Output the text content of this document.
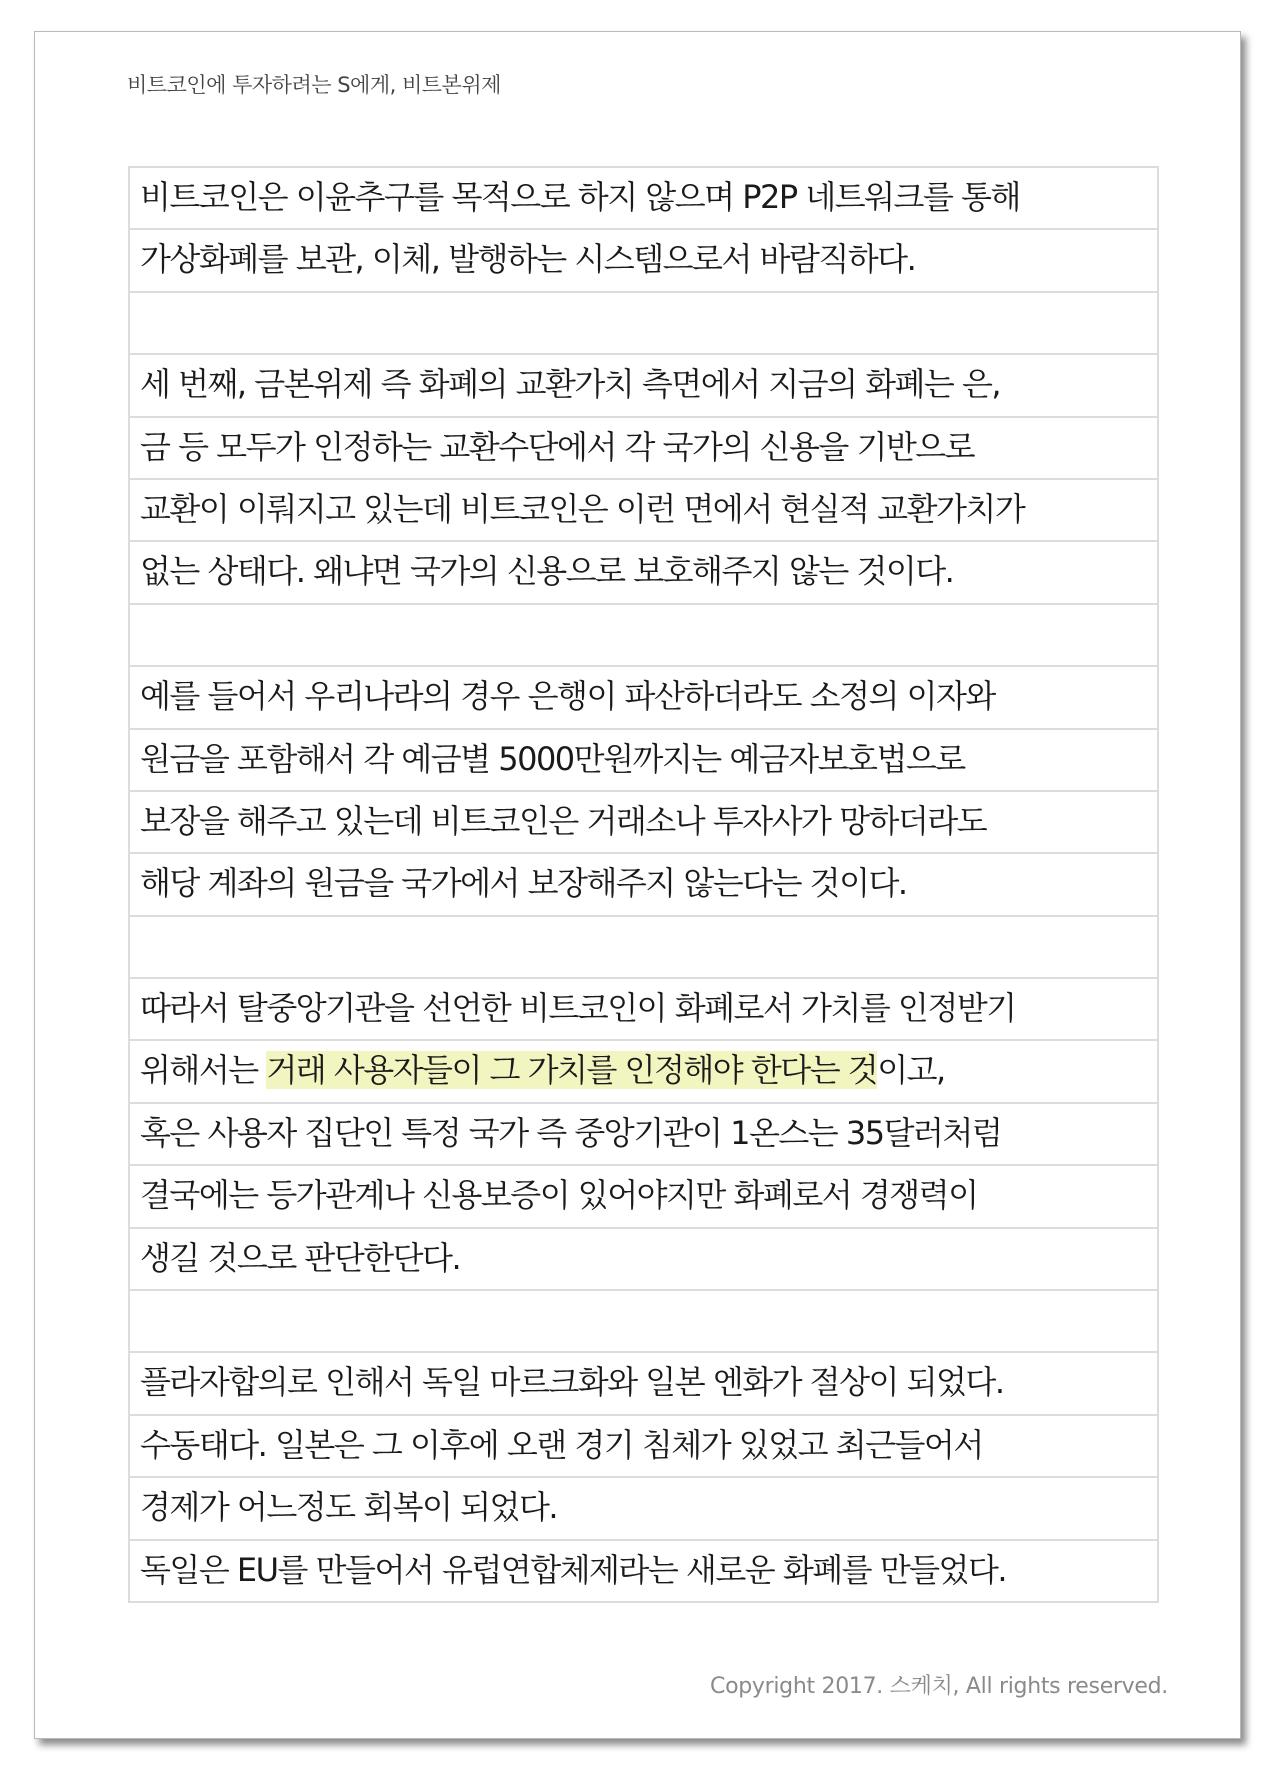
비트코인에 투자하려는 S에게, 비트본위제
비트코인은 이윤추구를 목적으로 하지 않으며 P2P 네트워크를 통해
가상화폐를 보관, 이체, 발행하는 시스템으로서 바람직하다.
세 번째, 금본위제 즉 화폐의 교환가치 측면에서 지금의 화폐는 은,
금 등 모두가 인정하는 교환수단에서 각 국가의 신용을 기반으로
교환이 이뤄지고 있는데 비트코인은 이런 면에서 현실적 교환가치가
없는 상태다. 왜냐면 국가의 신용으로 보호해주지 않는 것이다.
예를 들어서 우리나라의 경우 은행이 파산하더라도 소정의 이자와
원금을 포함해서 각 예금별 5000만원까지는 예금자보호법으로
보장을 해주고 있는데 비트코인은 거래소나 투자사가 망하더라도
해당 계좌의 원금을 국가에서 보장해주지 않는다는 것이다.
따라서 탈중앙기관을 선언한 비트코인이 화폐로서 가치를 인정받기
위해서는 거래 사용자들이 그 가치를 인정해야 한다는 것이고,
혹은 사용자 집단인 특정 국가 즉 중앙기관이 1온스는 35달러처럼
결국에는 등가관계나 신용보증이 있어야지만 화폐로서 경쟁력이
생길 것으로 판단한단다.
플라자합의로 인해서 독일 마르크화와 일본 엔화가 절상이 되었다.
수동태다. 일본은 그 이후에 오랜 경기 침체가 있었고 최근들어서
경제가 어느정도 회복이 되었다.
독일은 EU를 만들어서 유럽연합체제라는 새로운 화폐를 만들었다.
Copyright 2017. 스케치, All rights reserved.
